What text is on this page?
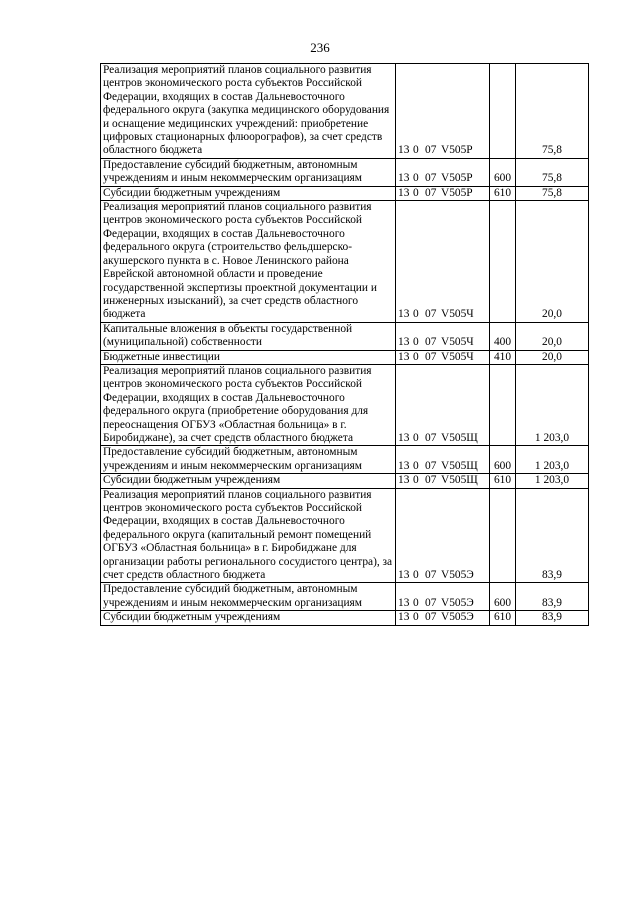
236
Реализация мероприятий планов социального развития центров экономического роста субъектов Российской Федерации, входящих в состав Дальневосточного федерального округа (закупка медицинского оборудования и оснащение медицинских учреждений: приобретение цифровых стационарных флюорографов), за счет средств областного бюджета	13 0 07 V505Р		75,8
Предоставление субсидий бюджетным, автономным учреждениям и иным некоммерческим организациям	13 0 07 V505Р	600	75,8
Субсидии бюджетным учреждениям	13 0 07 V505Р	610	75,8
Реализация мероприятий планов социального развития центров экономического роста субъектов Российской Федерации, входящих в состав Дальневосточного федерального округа (строительство фельдшерско-акушерского пункта в с. Новое Ленинского района Еврейской автономной области и проведение государственной экспертизы проектной документации и инженерных изысканий), за счет средств областного бюджета	13 0 07 V505Ч		20,0
Капитальные вложения в объекты государственной (муниципальной) собственности	13 0 07 V505Ч	400	20,0
Бюджетные инвестиции	13 0 07 V505Ч	410	20,0
Реализация мероприятий планов социального развития центров экономического роста субъектов Российской Федерации, входящих в состав Дальневосточного федерального округа (приобретение оборудования для переоснащения ОГБУЗ «Областная больница» в г. Биробиджане), за счет средств областного бюджета	13 0 07 V505Щ		1 203,0
Предоставление субсидий бюджетным, автономным учреждениям и иным некоммерческим организациям	13 0 07 V505Щ	600	1 203,0
Субсидии бюджетным учреждениям	13 0 07 V505Щ	610	1 203,0
Реализация мероприятий планов социального развития центров экономического роста субъектов Российской Федерации, входящих в состав Дальневосточного федерального округа (капитальный ремонт помещений ОГБУЗ «Областная больница» в г. Биробиджане для организации работы регионального сосудистого центра), за счет средств областного бюджета	13 0 07 V505Э		83,9
Предоставление субсидий бюджетным, автономным учреждениям и иным некоммерческим организациям	13 0 07 V505Э	600	83,9
Субсидии бюджетным учреждениям	13 0 07 V505Э	610	83,9
